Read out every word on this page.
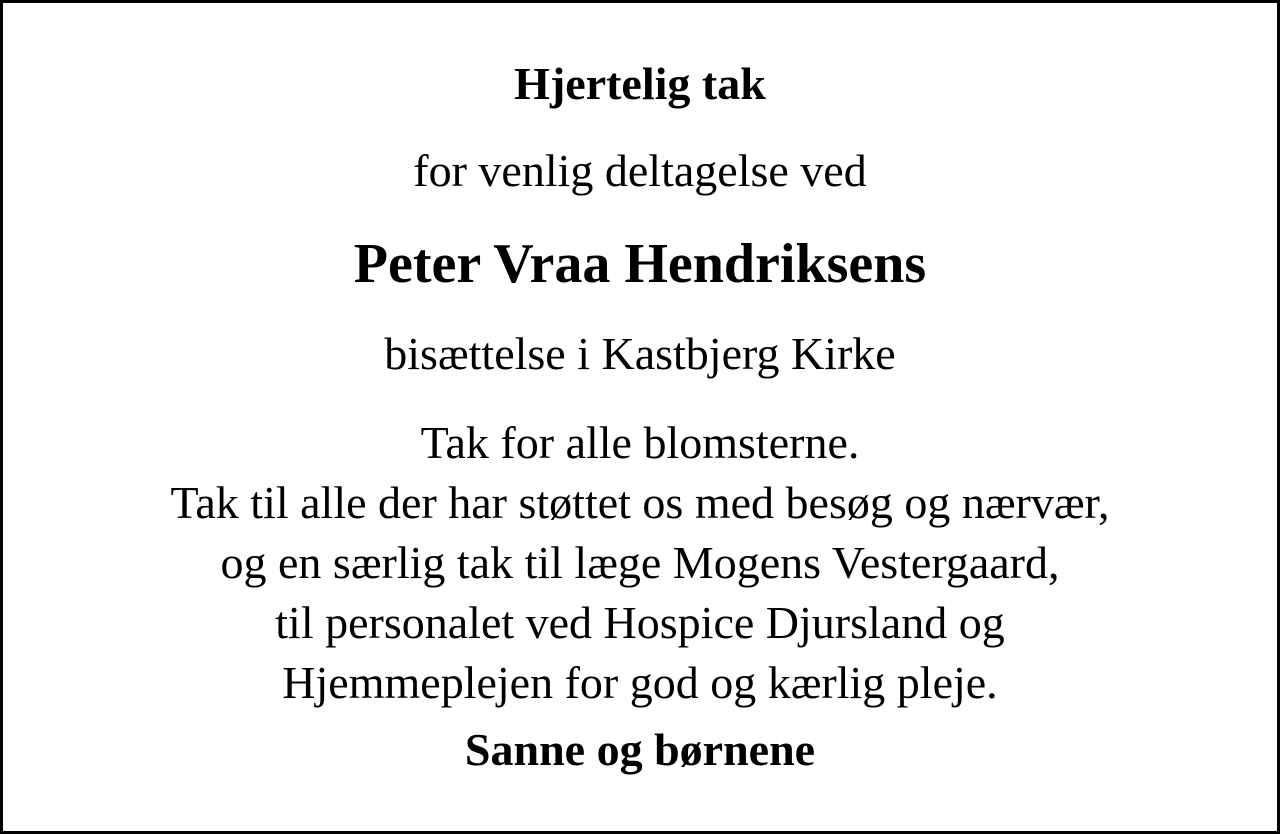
Hjertelig tak
for venlig deltagelse ved
Peter Vraa Hendriksens
bisættelse i Kastbjerg Kirke
Tak for alle blomsterne.
Tak til alle der har støttet os med besøg og nærvær,
og en særlig tak til læge Mogens Vestergaard,
til personalet ved Hospice Djursland og
Hjemmeplejen for god og kærlig pleje.
Sanne og børnene
